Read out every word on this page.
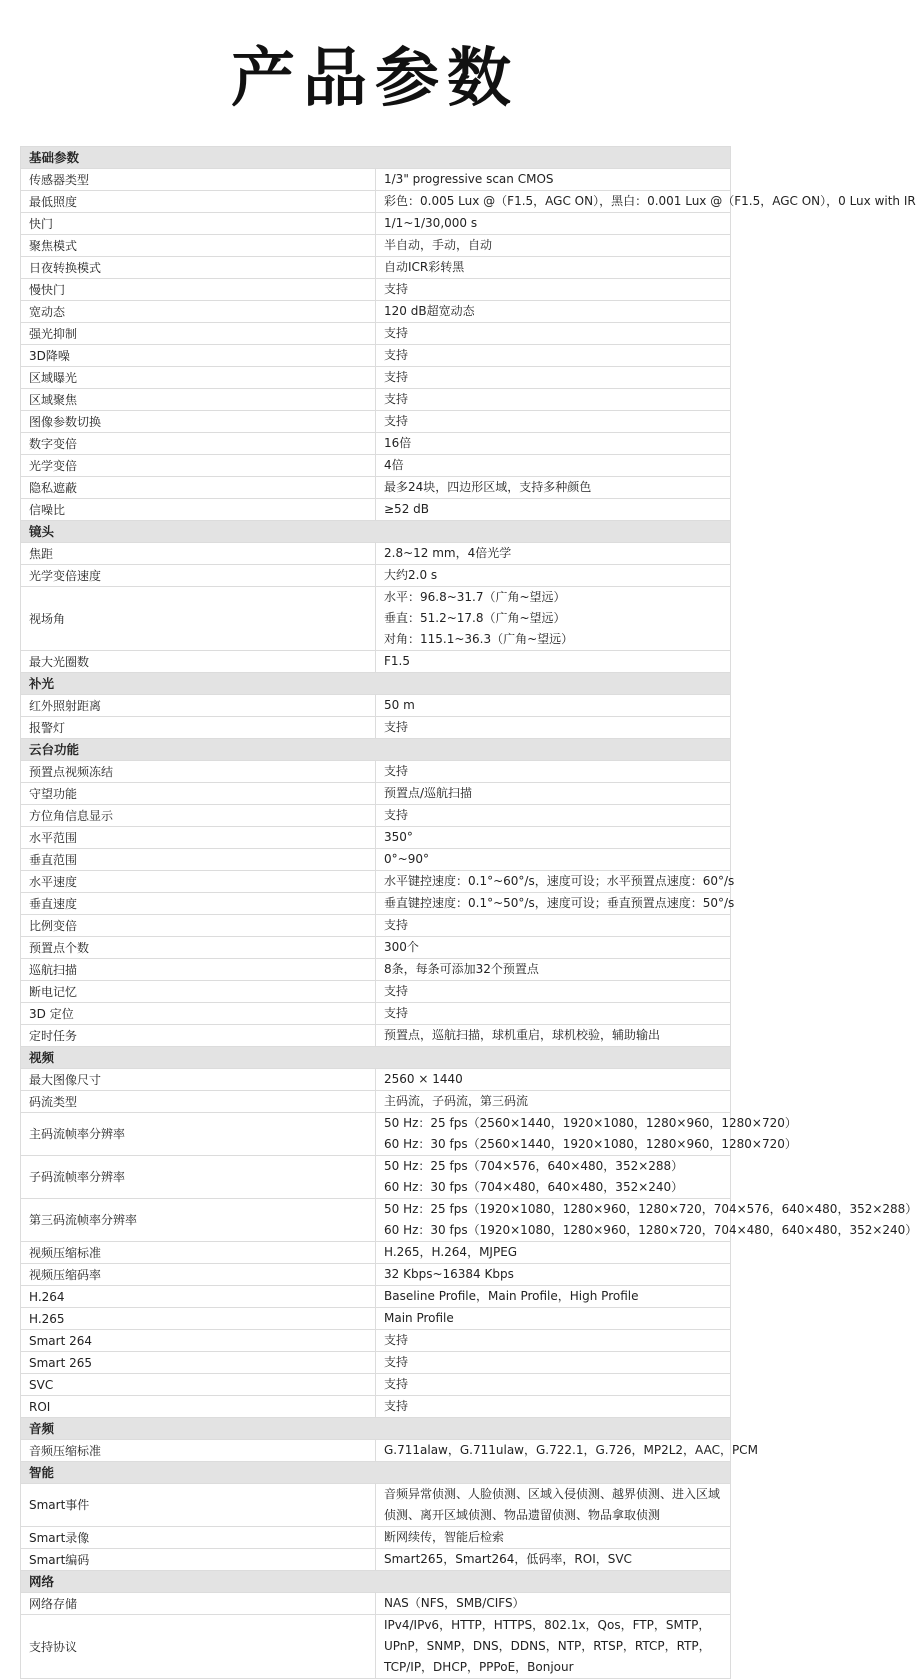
产品参数
基础参数	
传感器类型	1/3" progressive scan CMOS

最低照度	彩色：0.005 Lux @（F1.5，AGC ON），黑白：0.001 Lux @（F1.5，AGC ON），0 Lux with IR

快门	1/1~1/30,000 s

聚焦模式	半自动，手动，自动

日夜转换模式	自动ICR彩转黑

慢快门	支持

宽动态	120 dB超宽动态

强光抑制	支持

3D降噪	支持

区域曝光	支持

区域聚焦	支持

图像参数切换	支持

数字变倍	16倍

光学变倍	4倍

隐私遮蔽	最多24块，四边形区域，支持多种颜色

信噪比	≥52 dB

镜头	
焦距	2.8~12 mm，4倍光学

光学变倍速度	大约2.0 s

视场角	水平：96.8~31.7（广角~望远）
垂直：51.2~17.8（广角~望远）
对角：115.1~36.3（广角~望远）

最大光圈数	F1.5

补光	
红外照射距离	50 m

报警灯	支持

云台功能	
预置点视频冻结	支持

守望功能	预置点/巡航扫描

方位角信息显示	支持

水平范围	350°

垂直范围	0°~90°

水平速度	水平键控速度：0.1°~60°/s，速度可设；水平预置点速度：60°/s

垂直速度	垂直键控速度：0.1°~50°/s，速度可设；垂直预置点速度：50°/s

比例变倍	支持

预置点个数	300个

巡航扫描	8条，每条可添加32个预置点

断电记忆	支持

3D 定位	支持

定时任务	预置点，巡航扫描，球机重启，球机校验，辅助输出

视频	
最大图像尺寸	2560 × 1440

码流类型	主码流，子码流，第三码流

主码流帧率分辨率	50 Hz：25 fps（2560×1440，1920×1080，1280×960，1280×720）
60 Hz：30 fps（2560×1440，1920×1080，1280×960，1280×720）

子码流帧率分辨率	50 Hz：25 fps（704×576，640×480，352×288）
60 Hz：30 fps（704×480，640×480，352×240）

第三码流帧率分辨率	50 Hz：25 fps（1920×1080，1280×960，1280×720，704×576，640×480，352×288）
60 Hz：30 fps（1920×1080，1280×960，1280×720，704×480，640×480，352×240）

视频压缩标准	H.265，H.264，MJPEG

视频压缩码率	32 Kbps~16384 Kbps

H.264	Baseline Profile，Main Profile，High Profile

H.265	Main Profile

Smart 264	支持

Smart 265	支持

SVC	支持

ROI	支持

音频	
音频压缩标准	G.711alaw，G.711ulaw，G.722.1，G.726，MP2L2，AAC，PCM

智能	
Smart事件	音频异常侦测、人脸侦测、区域入侵侦测、越界侦测、进入区域侦测、离开区域侦测、物品遗留侦测、物品拿取侦测

Smart录像	断网续传，智能后检索

Smart编码	Smart265，Smart264，低码率，ROI，SVC

网络	
网络存储	NAS（NFS，SMB/CIFS）

支持协议	IPv4/IPv6，HTTP，HTTPS，802.1x，Qos，FTP，SMTP，UPnP，SNMP，DNS，DDNS，NTP，RTSP，RTCP，RTP，TCP/IP，DHCP，PPPoE，Bonjour
